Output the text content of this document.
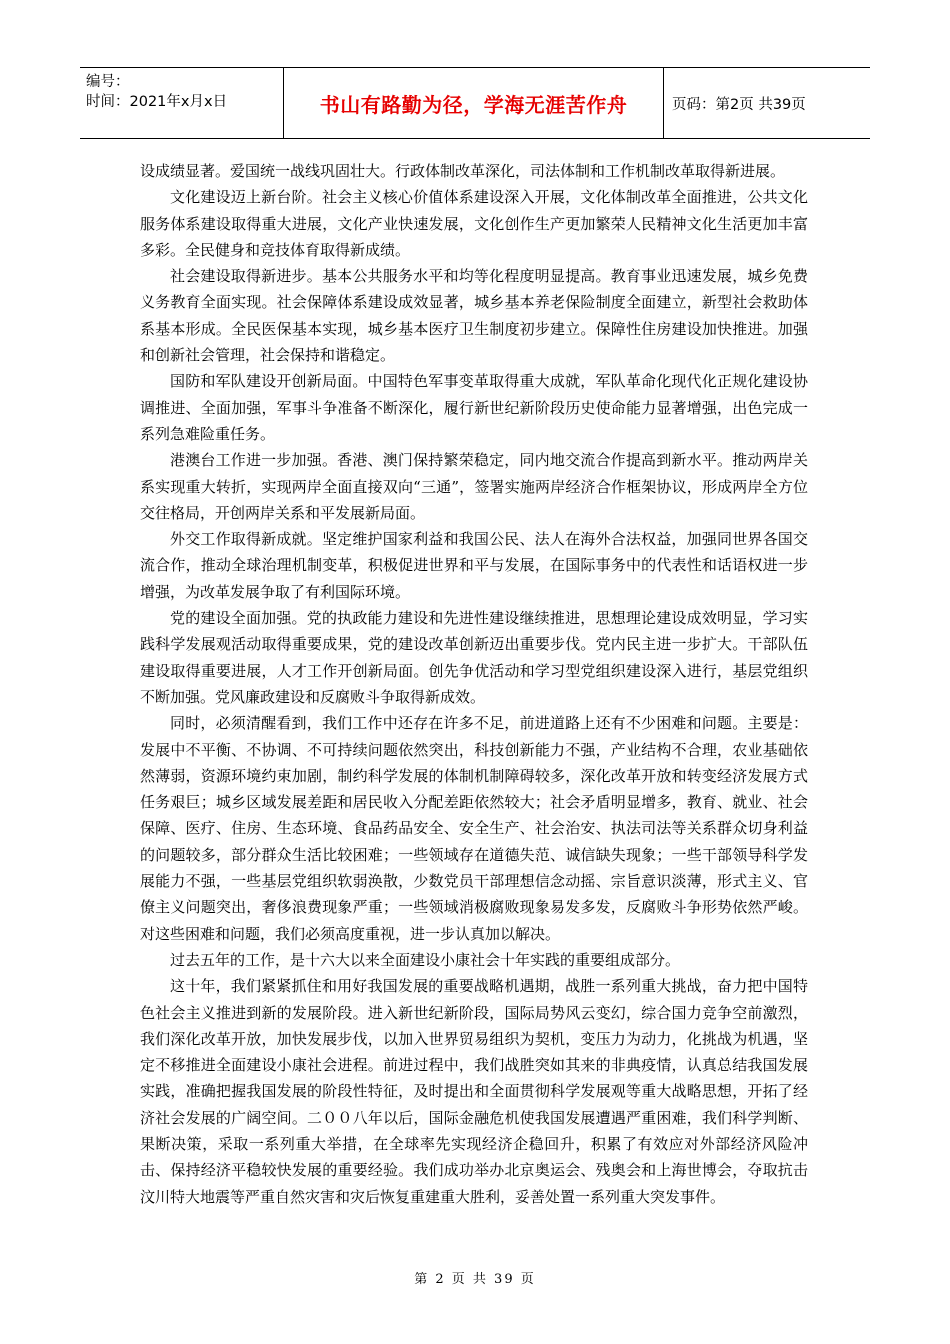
编号：
时间：2021年x月x日	书山有路勤为径，学海无涯苦作舟	页码：第2页 共39页

设成绩显著。爱国统一战线巩固壮大。行政体制改革深化，司法体制和工作机制改革取得新进展。

文化建设迈上新台阶。社会主义核心价值体系建设深入开展，文化体制改革全面推进，公共文化服务体系建设取得重大进展，文化产业快速发展，文化创作生产更加繁荣人民精神文化生活更加丰富多彩。全民健身和竞技体育取得新成绩。

社会建设取得新进步。基本公共服务水平和均等化程度明显提高。教育事业迅速发展，城乡免费义务教育全面实现。社会保障体系建设成效显著，城乡基本养老保险制度全面建立，新型社会救助体系基本形成。全民医保基本实现，城乡基本医疗卫生制度初步建立。保障性住房建设加快推进。加强和创新社会管理，社会保持和谐稳定。

国防和军队建设开创新局面。中国特色军事变革取得重大成就，军队革命化现代化正规化建设协调推进、全面加强，军事斗争准备不断深化，履行新世纪新阶段历史使命能力显著增强，出色完成一系列急难险重任务。

港澳台工作进一步加强。香港、澳门保持繁荣稳定，同内地交流合作提高到新水平。推动两岸关系实现重大转折，实现两岸全面直接双向“三通”，签署实施两岸经济合作框架协议，形成两岸全方位交往格局，开创两岸关系和平发展新局面。

外交工作取得新成就。坚定维护国家利益和我国公民、法人在海外合法权益，加强同世界各国交流合作，推动全球治理机制变革，积极促进世界和平与发展，在国际事务中的代表性和话语权进一步增强，为改革发展争取了有利国际环境。

党的建设全面加强。党的执政能力建设和先进性建设继续推进，思想理论建设成效明显，学习实践科学发展观活动取得重要成果，党的建设改革创新迈出重要步伐。党内民主进一步扩大。干部队伍建设取得重要进展，人才工作开创新局面。创先争优活动和学习型党组织建设深入进行，基层党组织不断加强。党风廉政建设和反腐败斗争取得新成效。

同时，必须清醒看到，我们工作中还存在许多不足，前进道路上还有不少困难和问题。主要是：发展中不平衡、不协调、不可持续问题依然突出，科技创新能力不强，产业结构不合理，农业基础依然薄弱，资源环境约束加剧，制约科学发展的体制机制障碍较多，深化改革开放和转变经济发展方式任务艰巨；城乡区域发展差距和居民收入分配差距依然较大；社会矛盾明显增多，教育、就业、社会保障、医疗、住房、生态环境、食品药品安全、安全生产、社会治安、执法司法等关系群众切身利益的问题较多，部分群众生活比较困难；一些领域存在道德失范、诚信缺失现象；一些干部领导科学发展能力不强，一些基层党组织软弱涣散，少数党员干部理想信念动摇、宗旨意识淡薄，形式主义、官僚主义问题突出，奢侈浪费现象严重；一些领域消极腐败现象易发多发，反腐败斗争形势依然严峻。对这些困难和问题，我们必须高度重视，进一步认真加以解决。

过去五年的工作，是十六大以来全面建设小康社会十年实践的重要组成部分。

这十年，我们紧紧抓住和用好我国发展的重要战略机遇期，战胜一系列重大挑战，奋力把中国特色社会主义推进到新的发展阶段。进入新世纪新阶段，国际局势风云变幻，综合国力竞争空前激烈，我们深化改革开放，加快发展步伐，以加入世界贸易组织为契机，变压力为动力，化挑战为机遇，坚定不移推进全面建设小康社会进程。前进过程中，我们战胜突如其来的非典疫情，认真总结我国发展实践，准确把握我国发展的阶段性特征，及时提出和全面贯彻科学发展观等重大战略思想，开拓了经济社会发展的广阔空间。二００八年以后，国际金融危机使我国发展遭遇严重困难，我们科学判断、果断决策，采取一系列重大举措，在全球率先实现经济企稳回升，积累了有效应对外部经济风险冲击、保持经济平稳较快发展的重要经验。我们成功举办北京奥运会、残奥会和上海世博会，夺取抗击汶川特大地震等严重自然灾害和灾后恢复重建重大胜利，妥善处置一系列重大突发事件。

第 2 页 共 39 页
